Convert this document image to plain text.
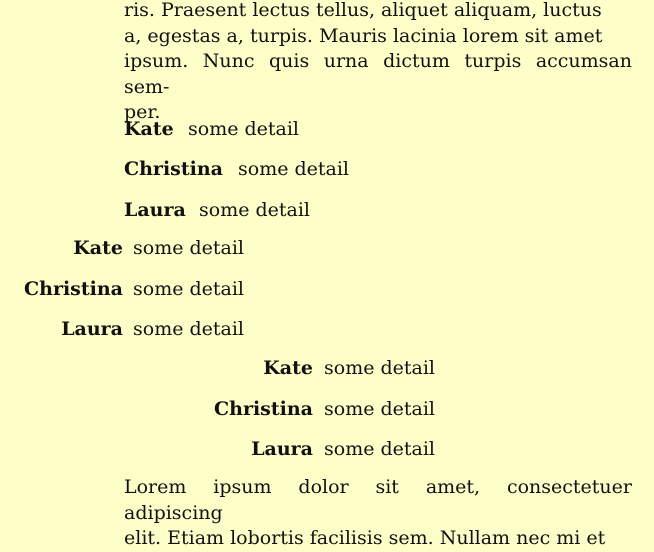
ris. Praesent lectus tellus, aliquet aliquam, luctus
a, egestas a, turpis. Mauris lacinia lorem sit amet
ipsum. Nunc quis urna dictum turpis accumsan sem-
per.
Kate some detail
Christina some detail
Laura some detail
Kate some detail
Christina some detail
Laura some detail
Kate some detail
Christina some detail
Laura some detail
Lorem ipsum dolor sit amet, consectetuer adipiscing
elit. Etiam lobortis facilisis sem. Nullam nec mi et
